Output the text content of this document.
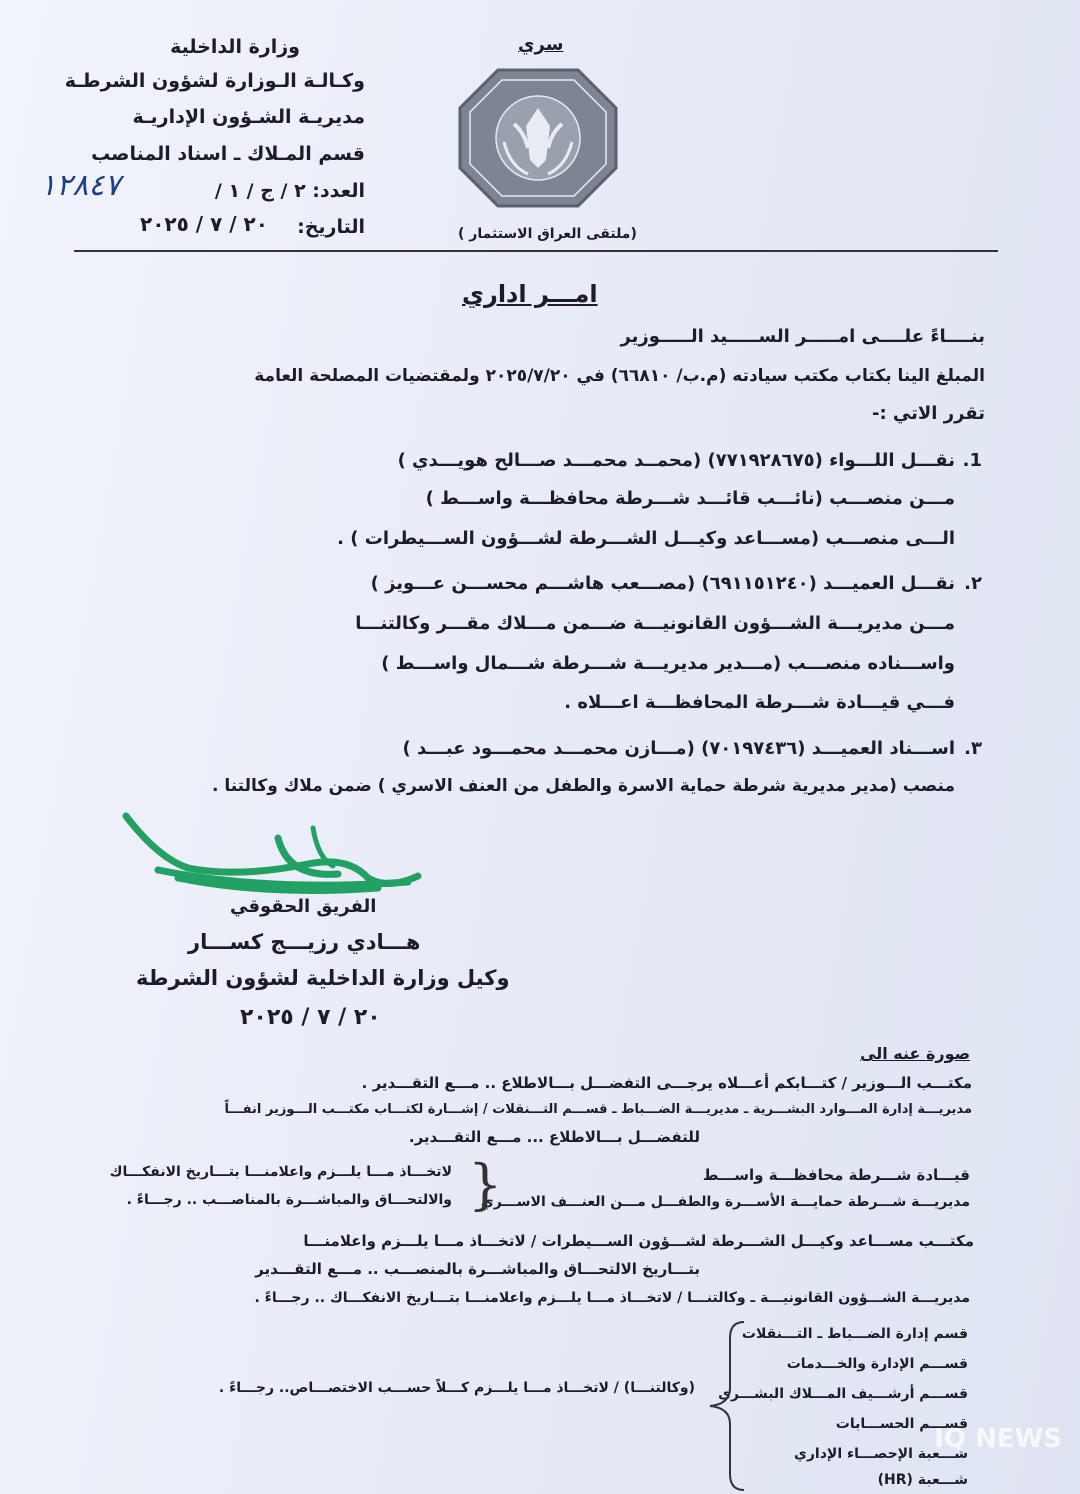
وزارة الداخلية
وكـالـة الـوزارة لشؤون الشرطـة
مديريـة الشـؤون الإداريـة
قسم المـلاك ـ اسناد المناصب
العدد: ٢ / ج / ١ /
١٢٨٤٧
التاريخ:
٢٠ / ٧ / ٢٠٢٥
سري
(ملتقى العراق الاستثمار )
امـــر اداري
بنــــاءً علــــى امـــــر الســـــيد الـــــوزير
المبلغ الينا بكتاب مكتب سيادته (م.ب/ ٦٦٨١٠) في ٢٠٢٥/٧/٢٠ ولمقتضيات المصلحة العامة
تقرر الاتي :-
.1
نقـــل اللـــواء (٧٧١٩٢٨٦٧٥) (محمــد محمـــد صـــالح هويـــدي )
مـــن منصـــب (نائـــب قائـــد شـــرطة محافظـــة واســـط )
الـــى منصـــب (مســـاعد وكيـــل الشـــرطة لشـــؤون الســـيطرات ) .
.٢
نقـــل العميـــد (٦٩١١٥١٢٤٠) (مصـــعب هاشـــم محســـن عـــويز )
مـــن مديريـــة الشـــؤون القانونيـــة ضـــمن مـــلاك مقـــر وكالتنـــا
واســـناده منصـــب (مـــدير مديريـــة شـــرطة شـــمال واســـط )
فـــي قيـــادة شـــرطة المحافظـــة اعـــلاه .
.٣
اســـناد العميـــد (٧٠١٩٧٤٣٦) (مـــازن محمـــد محمـــود عبـــد )
منصب (مدير مديرية شرطة حماية الاسرة والطفل من العنف الاسري ) ضمن ملاك وكالتنا .
الفريق الحقوقي
هـــادي رزيـــج كســـار
وكيل وزارة الداخلية لشؤون الشرطة
٢٠ / ٧ / ٢٠٢٥
صورة عنه الى
مكتـــب الـــوزير / كتـــابكم أعـــلاه يرجـــى التفضـــل بـــالاطلاع .. مـــع التقـــدير .
مديريـــة إدارة المـــوارد البشـــرية ـ مديريـــة الضـــباط ـ قســـم التـــنقلات / إشـــارة لكتـــاب مكتـــب الـــوزير انفـــاً
للتفضـــل بـــالاطلاع ... مـــع التقـــدير.
قيـــادة شـــرطة محافظـــة واســـط
مديريـــة شـــرطة حمايـــة الأســـرة والطفـــل مـــن العنـــف الاســـري
}
لاتخـــاذ مـــا يلـــزم واعلامنـــا بتـــاريخ الانفكـــاك
والالتحـــاق والمباشـــرة بالمناصـــب .. رجـــاءً .
مكتـــب مســـاعد وكيـــل الشـــرطة لشـــؤون الســـيطرات / لاتخـــاذ مـــا يلـــزم واعلامنـــا
بتـــاريخ الالتحـــاق والمباشـــرة بالمنصـــب .. مـــع التقـــدير
مديريـــة الشـــؤون القانونيـــة ـ وكالتنـــا / لاتخـــاذ مـــا يلـــزم واعلامنـــا بتـــاريخ الانفكـــاك .. رجـــاءً .
قسم إدارة الضـــباط ـ التـــنقلات
قســـم الإدارة والخـــدمات
قســـم أرشـــيف المـــلاك البشـــري
قســـم الحســـابات
شـــعبة الإحصـــاء الإداري
شـــعبة (HR)
(وكالتنـــا) / لاتخـــاذ مـــا يلـــزم كـــلاً حســـب الاختصـــاص.. رجـــاءً .
IQ NEWS
